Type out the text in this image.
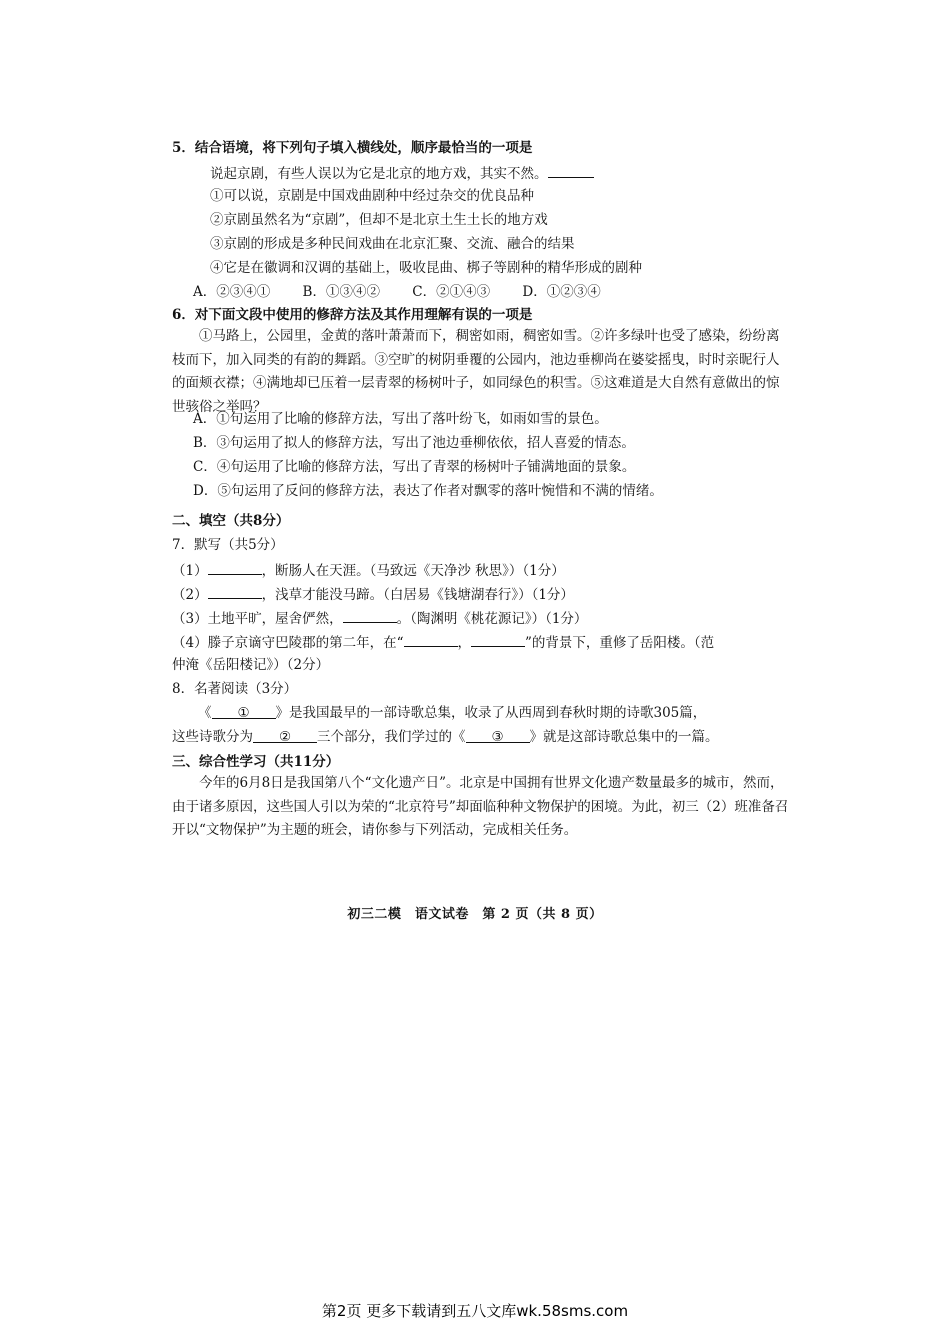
5．结合语境，将下列句子填入横线处，顺序最恰当的一项是
说起京剧，有些人误以为它是北京的地方戏，其实不然。
①可以说，京剧是中国戏曲剧种中经过杂交的优良品种
②京剧虽然名为“京剧”，但却不是北京土生土长的地方戏
③京剧的形成是多种民间戏曲在北京汇聚、交流、融合的结果
④它是在徽调和汉调的基础上，吸收昆曲、梆子等剧种的精华形成的剧种
A．②③④① B．①③④② C．②①④③ D．①②③④
6．对下面文段中使用的修辞方法及其作用理解有误的一项是
①马路上，公园里，金黄的落叶萧萧而下，稠密如雨，稠密如雪。②许多绿叶也受了感染，纷纷离枝而下，加入同类的有韵的舞蹈。③空旷的树阴垂覆的公园内，池边垂柳尚在婆娑摇曳，时时亲昵行人的面颊衣襟；④满地却已压着一层青翠的杨树叶子，如同绿色的积雪。⑤这难道是大自然有意做出的惊世骇俗之举吗？
A．①句运用了比喻的修辞方法，写出了落叶纷飞，如雨如雪的景色。
B．③句运用了拟人的修辞方法，写出了池边垂柳依依，招人喜爱的情态。
C．④句运用了比喻的修辞方法，写出了青翠的杨树叶子铺满地面的景象。
D．⑤句运用了反问的修辞方法，表达了作者对飘零的落叶惋惜和不满的情绪。
二、填空（共8分）
7．默写（共5分）
（1）	，断肠人在天涯。（马致远《天净沙 秋思》）（1分）
（2）	，浅草才能没马蹄。（白居易《钱塘湖春行》）（1分）
（3）土地平旷，屋舍俨然，	。（陶渊明《桃花源记》）（1分）
（4）滕子京谪守巴陵郡的第二年，在“	，	”的背景下，重修了岳阳楼。（范
仲淹《岳阳楼记》）（2分）
8．名著阅读（3分）
《 ① 》是我国最早的一部诗歌总集，收录了从西周到春秋时期的诗歌305篇，
这些诗歌分为 ② 三个部分，我们学过的《 ③ 》就是这部诗歌总集中的一篇。
三、综合性学习（共11分）
今年的6月8日是我国第八个“文化遗产日”。北京是中国拥有世界文化遗产数量最多的城市，然而，由于诸多原因，这些国人引以为荣的“北京符号”却面临种种文物保护的困境。为此，初三（2）班准备召开以“文物保护”为主题的班会，请你参与下列活动，完成相关任务。
初三二模　语文试卷　第 2 页（共 8 页）
第2页 更多下载请到五八文库wk.58sms.com
